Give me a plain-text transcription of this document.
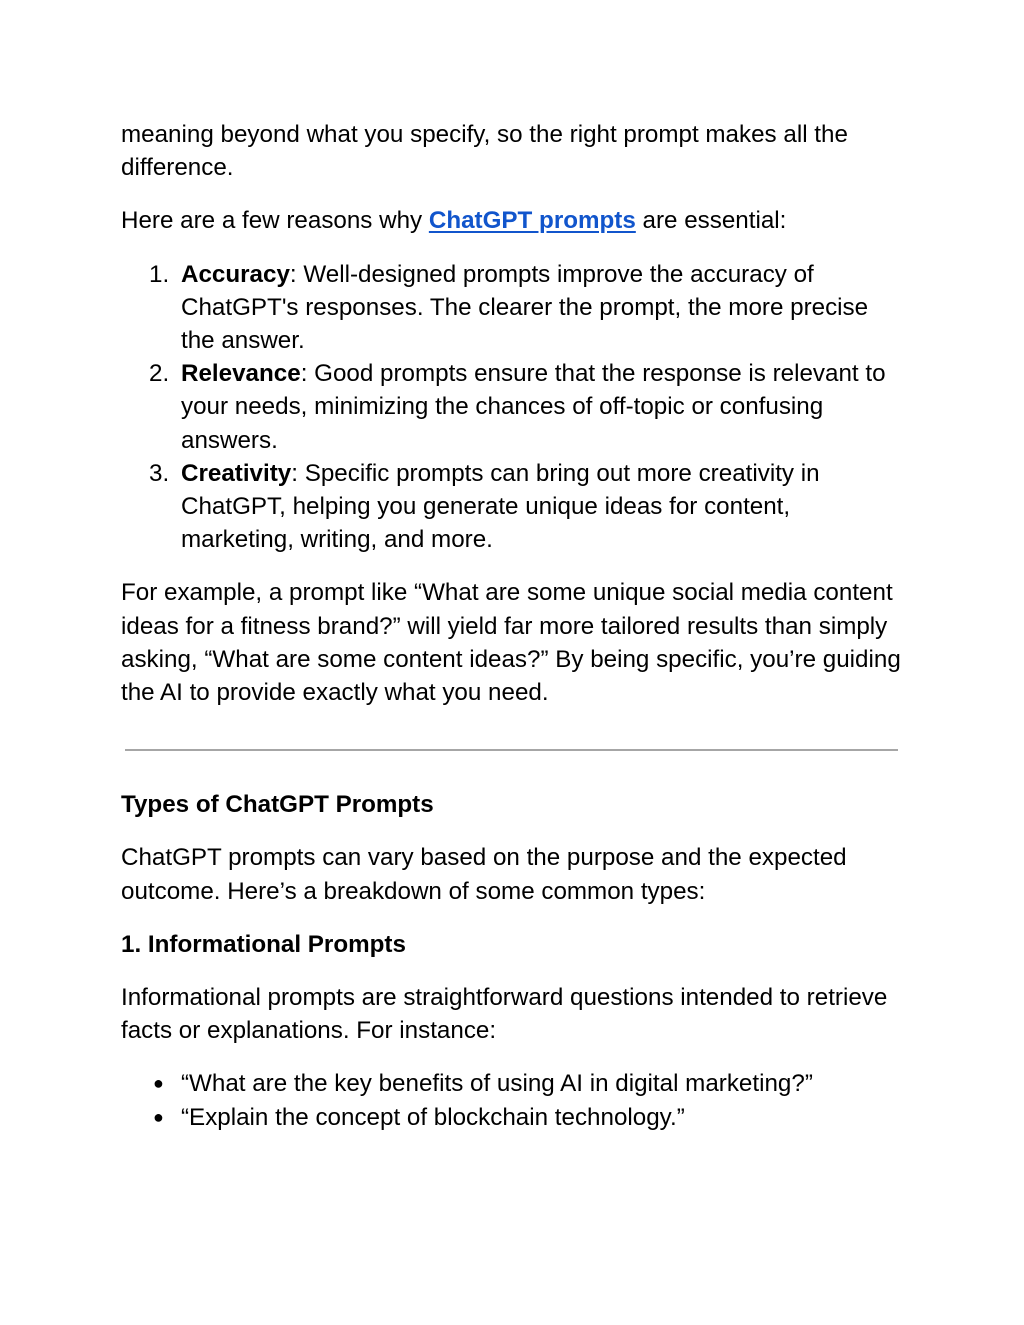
meaning beyond what you specify, so the right prompt makes all the difference.

Here are a few reasons why ChatGPT prompts are essential:

1. Accuracy: Well-designed prompts improve the accuracy of ChatGPT's responses. The clearer the prompt, the more precise the answer.
2. Relevance: Good prompts ensure that the response is relevant to your needs, minimizing the chances of off-topic or confusing answers.
3. Creativity: Specific prompts can bring out more creativity in ChatGPT, helping you generate unique ideas for content, marketing, writing, and more.

For example, a prompt like “What are some unique social media content ideas for a fitness brand?” will yield far more tailored results than simply asking, “What are some content ideas?” By being specific, you’re guiding the AI to provide exactly what you need.

Types of ChatGPT Prompts

ChatGPT prompts can vary based on the purpose and the expected outcome. Here’s a breakdown of some common types:

1. Informational Prompts

Informational prompts are straightforward questions intended to retrieve facts or explanations. For instance:

● “What are the key benefits of using AI in digital marketing?”
● “Explain the concept of blockchain technology.”
